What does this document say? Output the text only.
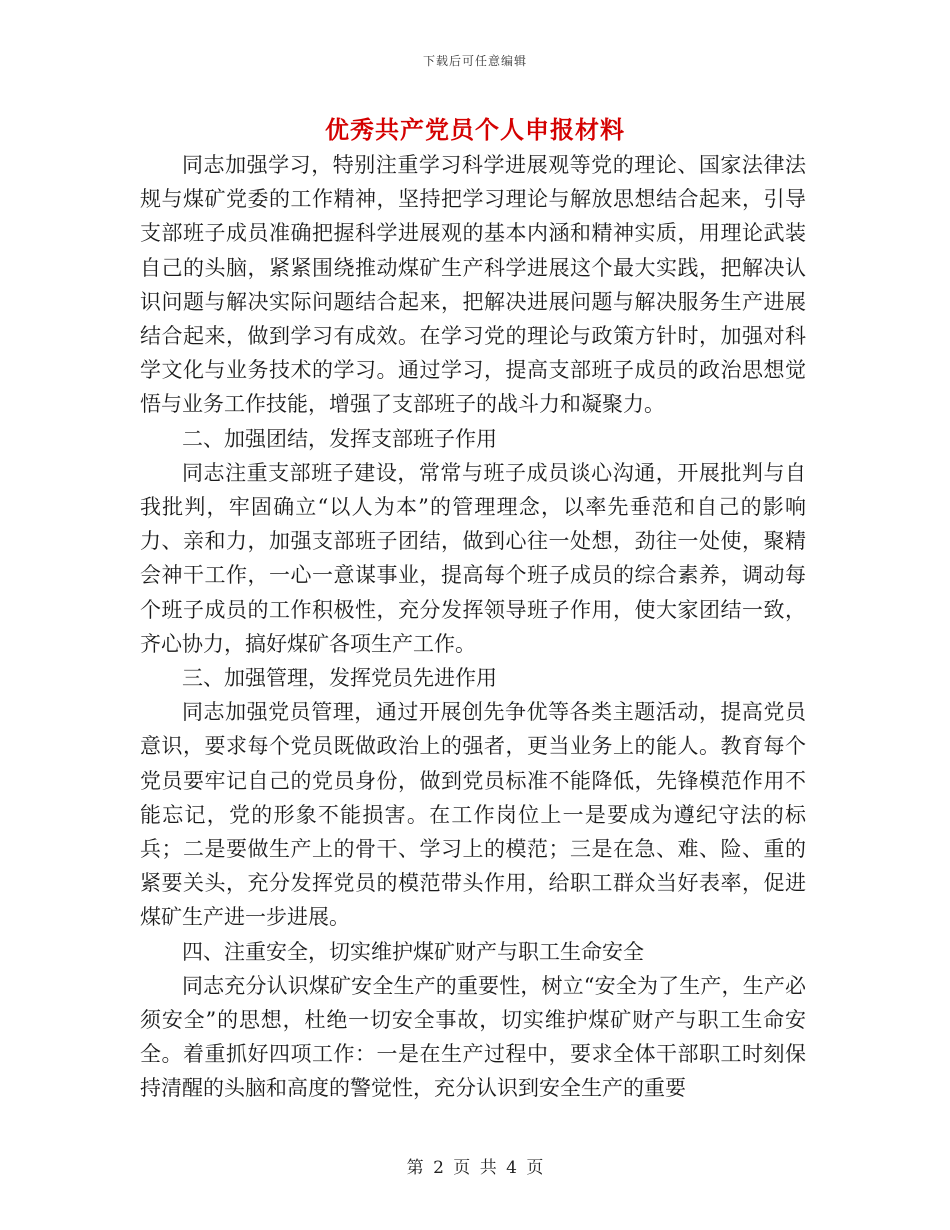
下载后可任意编辑
优秀共产党员个人申报材料

同志加强学习，特别注重学习科学进展观等党的理论、国家法律法规与煤矿党委的工作精神，坚持把学习理论与解放思想结合起来，引导支部班子成员准确把握科学进展观的基本内涵和精神实质，用理论武装自己的头脑，紧紧围绕推动煤矿生产科学进展这个最大实践，把解决认识问题与解决实际问题结合起来，把解决进展问题与解决服务生产进展结合起来，做到学习有成效。在学习党的理论与政策方针时，加强对科学文化与业务技术的学习。通过学习，提高支部班子成员的政治思想觉悟与业务工作技能，增强了支部班子的战斗力和凝聚力。

二、加强团结，发挥支部班子作用

同志注重支部班子建设，常常与班子成员谈心沟通，开展批判与自我批判，牢固确立“以人为本”的管理理念，以率先垂范和自己的影响力、亲和力，加强支部班子团结，做到心往一处想，劲往一处使，聚精会神干工作，一心一意谋事业，提高每个班子成员的综合素养，调动每个班子成员的工作积极性，充分发挥领导班子作用，使大家团结一致，齐心协力，搞好煤矿各项生产工作。

三、加强管理，发挥党员先进作用

同志加强党员管理，通过开展创先争优等各类主题活动，提高党员意识，要求每个党员既做政治上的强者，更当业务上的能人。教育每个党员要牢记自己的党员身份，做到党员标准不能降低，先锋模范作用不能忘记，党的形象不能损害。在工作岗位上一是要成为遵纪守法的标兵；二是要做生产上的骨干、学习上的模范；三是在急、难、险、重的紧要关头，充分发挥党员的模范带头作用，给职工群众当好表率，促进煤矿生产进一步进展。

四、注重安全，切实维护煤矿财产与职工生命安全

同志充分认识煤矿安全生产的重要性，树立“安全为了生产，生产必须安全”的思想，杜绝一切安全事故，切实维护煤矿财产与职工生命安全。着重抓好四项工作：一是在生产过程中，要求全体干部职工时刻保持清醒的头脑和高度的警觉性，充分认识到安全生产的重要

第 2 页 共 4 页
